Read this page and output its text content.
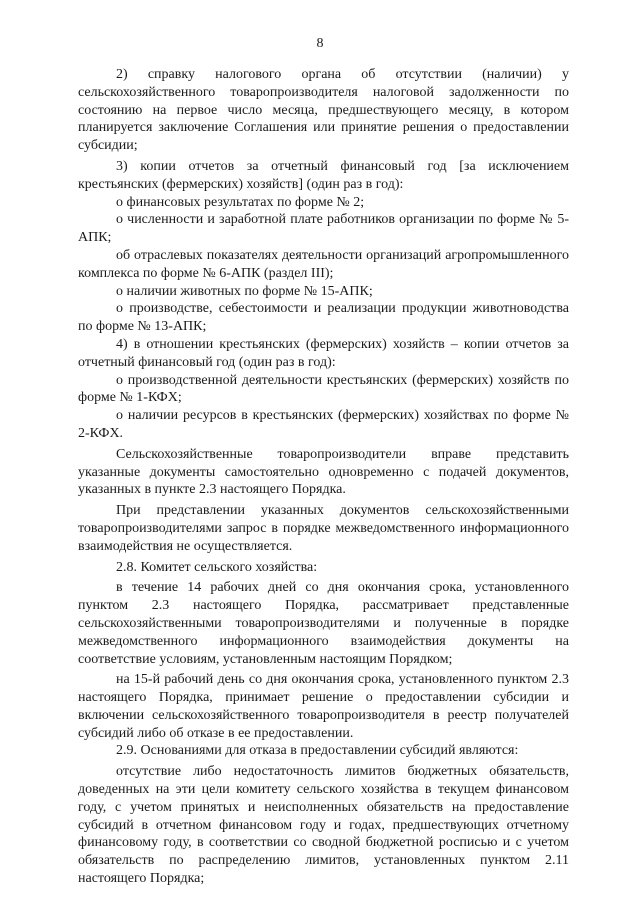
8

2) справку налогового органа об отсутствии (наличии) у сельскохозяйственного товаропроизводителя налоговой задолженности по состоянию на первое число месяца, предшествующего месяцу, в котором планируется заключение Соглашения или принятие решения о предоставлении субсидии;

3) копии отчетов за отчетный финансовый год [за исключением крестьянских (фермерских) хозяйств] (один раз в год):

о финансовых результатах по форме № 2;

о численности и заработной плате работников организации по форме № 5-АПК;

об отраслевых показателях деятельности организаций агропромышленного комплекса по форме № 6-АПК (раздел III);

о наличии животных по форме № 15-АПК;

о производстве, себестоимости и реализации продукции животноводства по форме № 13-АПК;

4) в отношении крестьянских (фермерских) хозяйств – копии отчетов за отчетный финансовый год (один раз в год):

о производственной деятельности крестьянских (фермерских) хозяйств по форме № 1-КФХ;

о наличии ресурсов в крестьянских (фермерских) хозяйствах по форме № 2-КФХ.

Сельскохозяйственные товаропроизводители вправе представить указанные документы самостоятельно одновременно с подачей документов, указанных в пункте 2.3 настоящего Порядка.

При представлении указанных документов сельскохозяйственными товаропроизводителями запрос в порядке межведомственного информационного взаимодействия не осуществляется.

2.8. Комитет сельского хозяйства:

в течение 14 рабочих дней со дня окончания срока, установленного пунктом 2.3 настоящего Порядка, рассматривает представленные сельскохозяйственными товаропроизводителями и полученные в порядке межведомственного информационного взаимодействия документы на соответствие условиям, установленным настоящим Порядком;

на 15-й рабочий день со дня окончания срока, установленного пунктом 2.3 настоящего Порядка, принимает решение о предоставлении субсидии и включении сельскохозяйственного товаропроизводителя в реестр получателей субсидий либо об отказе в ее предоставлении.

2.9. Основаниями для отказа в предоставлении субсидий являются:

отсутствие либо недостаточность лимитов бюджетных обязательств, доведенных на эти цели комитету сельского хозяйства в текущем финансовом году, с учетом принятых и неисполненных обязательств на предоставление субсидий в отчетном финансовом году и годах, предшествующих отчетному финансовому году, в соответствии со сводной бюджетной росписью и с учетом обязательств по распределению лимитов, установленных пунктом 2.11 настоящего Порядка;
